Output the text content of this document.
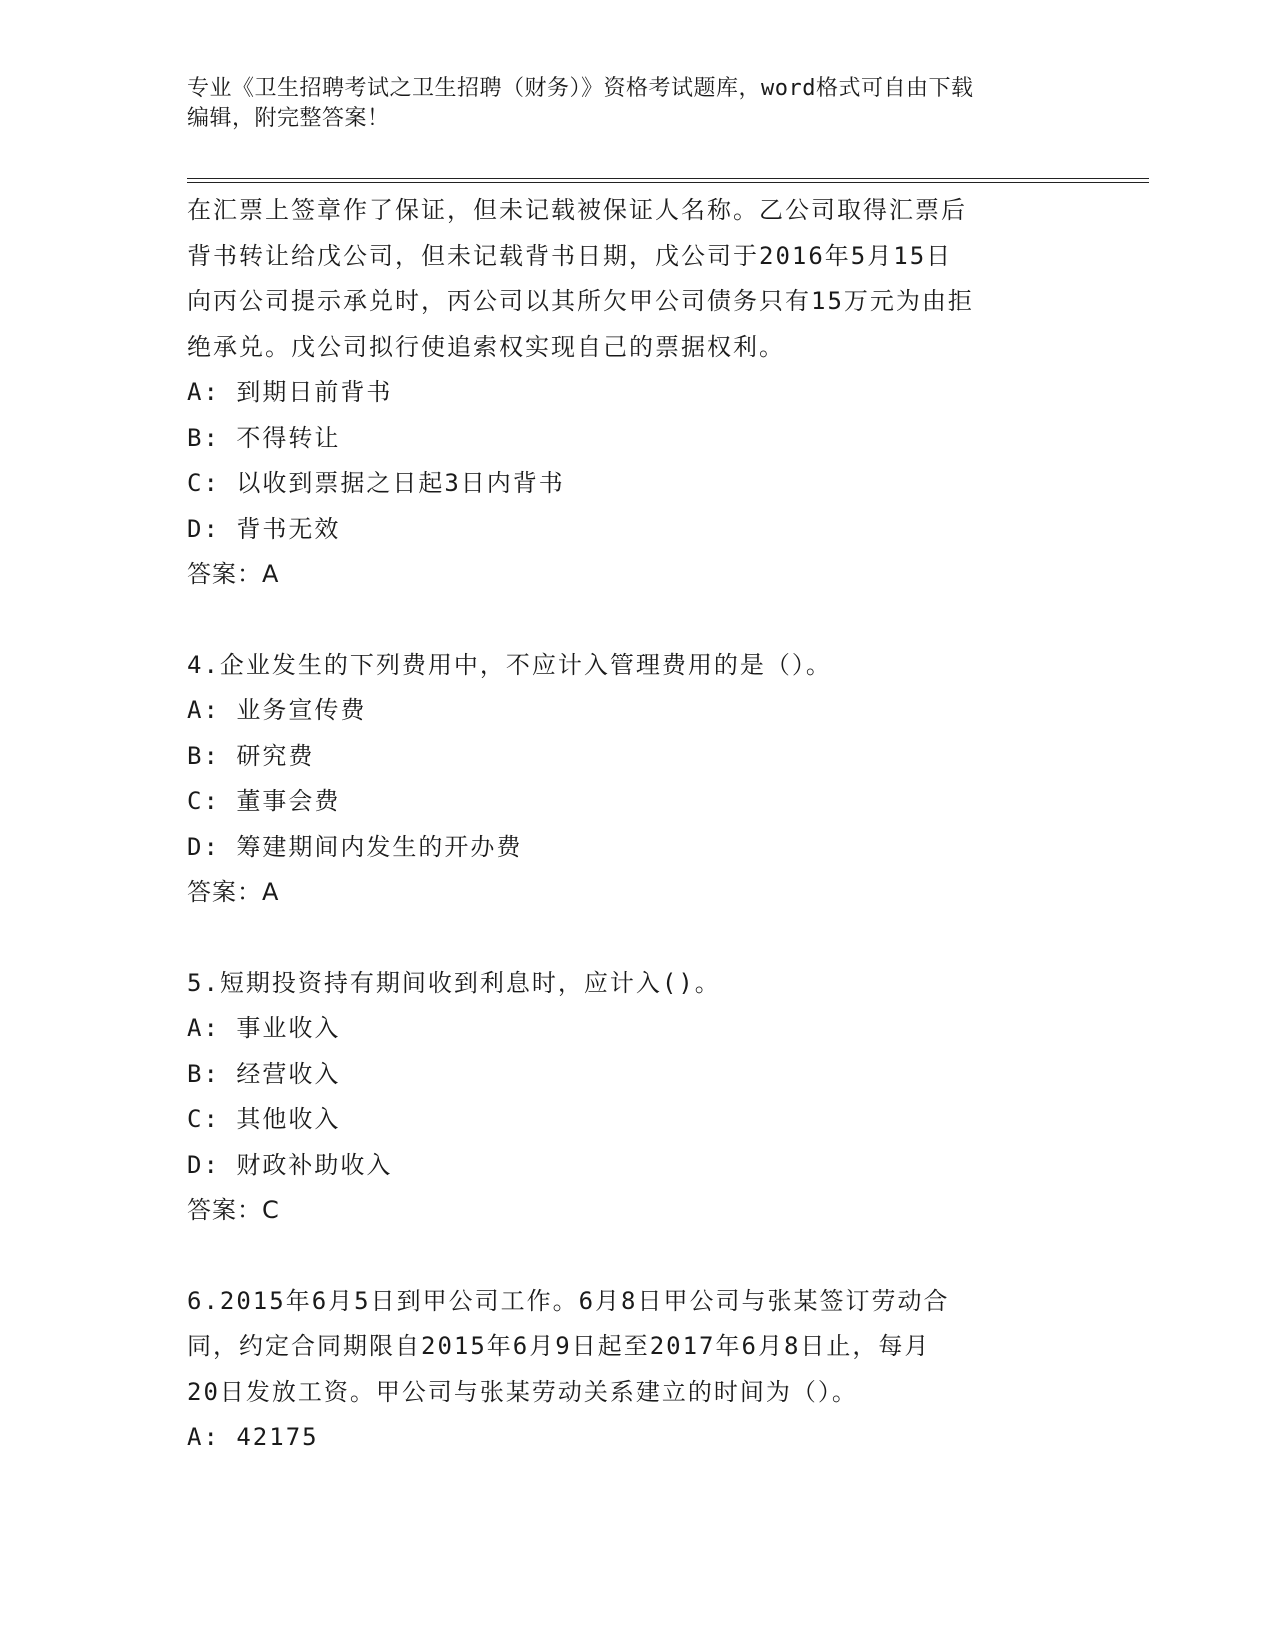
专业《卫生招聘考试之卫生招聘（财务）》资格考试题库，word格式可自由下载
编辑，附完整答案！

在汇票上签章作了保证，但未记载被保证人名称。乙公司取得汇票后

背书转让给戊公司，但未记载背书日期，戊公司于2016年5月15日

向丙公司提示承兑时，丙公司以其所欠甲公司债务只有15万元为由拒

绝承兑。戊公司拟行使追索权实现自己的票据权利。

A: 到期日前背书

B: 不得转让

C: 以收到票据之日起3日内背书

D: 背书无效

答案：A

4.企业发生的下列费用中，不应计入管理费用的是（）。

A: 业务宣传费

B: 研究费

C: 董事会费

D: 筹建期间内发生的开办费

答案：A

5.短期投资持有期间收到利息时，应计入()。

A: 事业收入

B: 经营收入

C: 其他收入

D: 财政补助收入

答案：C

6.2015年6月5日到甲公司工作。6月8日甲公司与张某签订劳动合

同，约定合同期限自2015年6月9日起至2017年6月8日止，每月

20日发放工资。甲公司与张某劳动关系建立的时间为（）。

A: 42175
